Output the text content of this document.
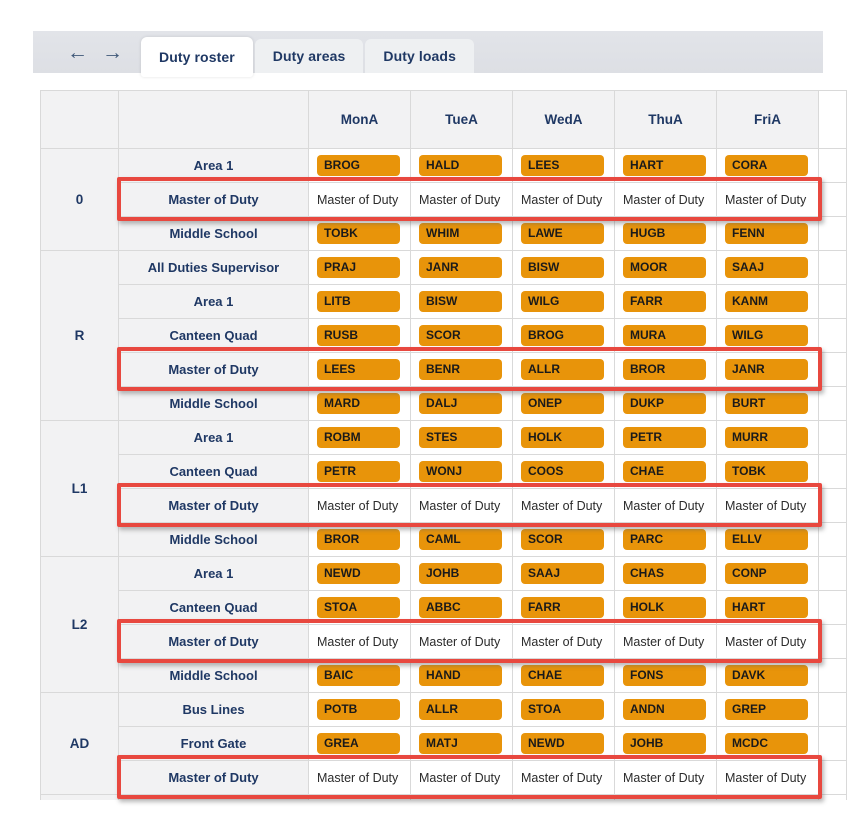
← →	Duty roster	Duty areas	Duty loads
		MonA	TueA	WedA	ThuA	FriA	
0	Area 1	BROG	HALD	LEES	HART	CORA	

	Master of Duty	Master of Duty	Master of Duty	Master of Duty	Master of Duty	Master of Duty	

	Middle School	TOBK	WHIM	LAWE	HUGB	FENN	

R	All Duties Supervisor	PRAJ	JANR	BISW	MOOR	SAAJ	

	Area 1	LITB	BISW	WILG	FARR	KANM	

	Canteen Quad	RUSB	SCOR	BROG	MURA	WILG	

	Master of Duty	LEES	BENR	ALLR	BROR	JANR	

	Middle School	MARD	DALJ	ONEP	DUKP	BURT	

L1	Area 1	ROBM	STES	HOLK	PETR	MURR	

	Canteen Quad	PETR	WONJ	COOS	CHAE	TOBK	

	Master of Duty	Master of Duty	Master of Duty	Master of Duty	Master of Duty	Master of Duty	

	Middle School	BROR	CAML	SCOR	PARC	ELLV	

L2	Area 1	NEWD	JOHB	SAAJ	CHAS	CONP	

	Canteen Quad	STOA	ABBC	FARR	HOLK	HART	

	Master of Duty	Master of Duty	Master of Duty	Master of Duty	Master of Duty	Master of Duty	

	Middle School	BAIC	HAND	CHAE	FONS	DAVK	

AD	Bus Lines	POTB	ALLR	STOA	ANDN	GREP	

	Front Gate	GREA	MATJ	NEWD	JOHB	MCDC	

	Master of Duty	Master of Duty	Master of Duty	Master of Duty	Master of Duty	Master of Duty	
